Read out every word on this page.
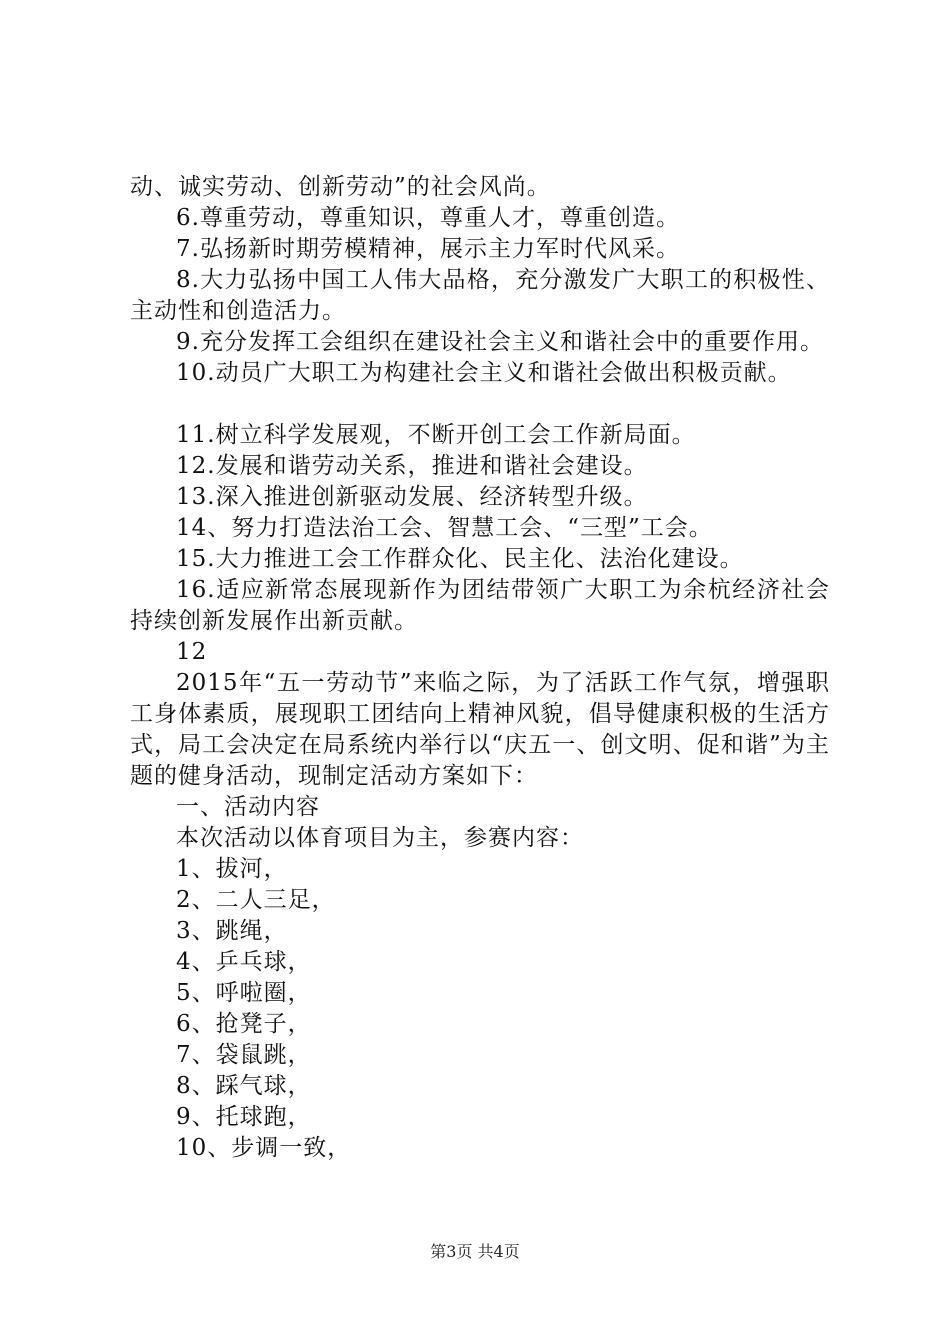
动、诚实劳动、创新劳动”的社会风尚。

6.尊重劳动，尊重知识，尊重人才，尊重创造。

7.弘扬新时期劳模精神，展示主力军时代风采。

8.大力弘扬中国工人伟大品格，充分激发广大职工的积极性、主动性和创造活力。

9.充分发挥工会组织在建设社会主义和谐社会中的重要作用。

10.动员广大职工为构建社会主义和谐社会做出积极贡献。

11.树立科学发展观，不断开创工会工作新局面。

12.发展和谐劳动关系，推进和谐社会建设。

13.深入推进创新驱动发展、经济转型升级。

14、努力打造法治工会、智慧工会、“三型”工会。

15.大力推进工会工作群众化、民主化、法治化建设。

16.适应新常态展现新作为团结带领广大职工为余杭经济社会持续创新发展作出新贡献。

12

2015年“五一劳动节”来临之际，为了活跃工作气氛，增强职工身体素质，展现职工团结向上精神风貌，倡导健康积极的生活方式，局工会决定在局系统内举行以“庆五一、创文明、促和谐”为主题的健身活动，现制定活动方案如下：

一、活动内容

本次活动以体育项目为主，参赛内容：

1、拔河，

2、二人三足，

3、跳绳，

4、乒乓球，

5、呼啦圈，

6、抢凳子，

7、袋鼠跳，

8、踩气球，

9、托球跑，

10、步调一致，

第3页 共4页
